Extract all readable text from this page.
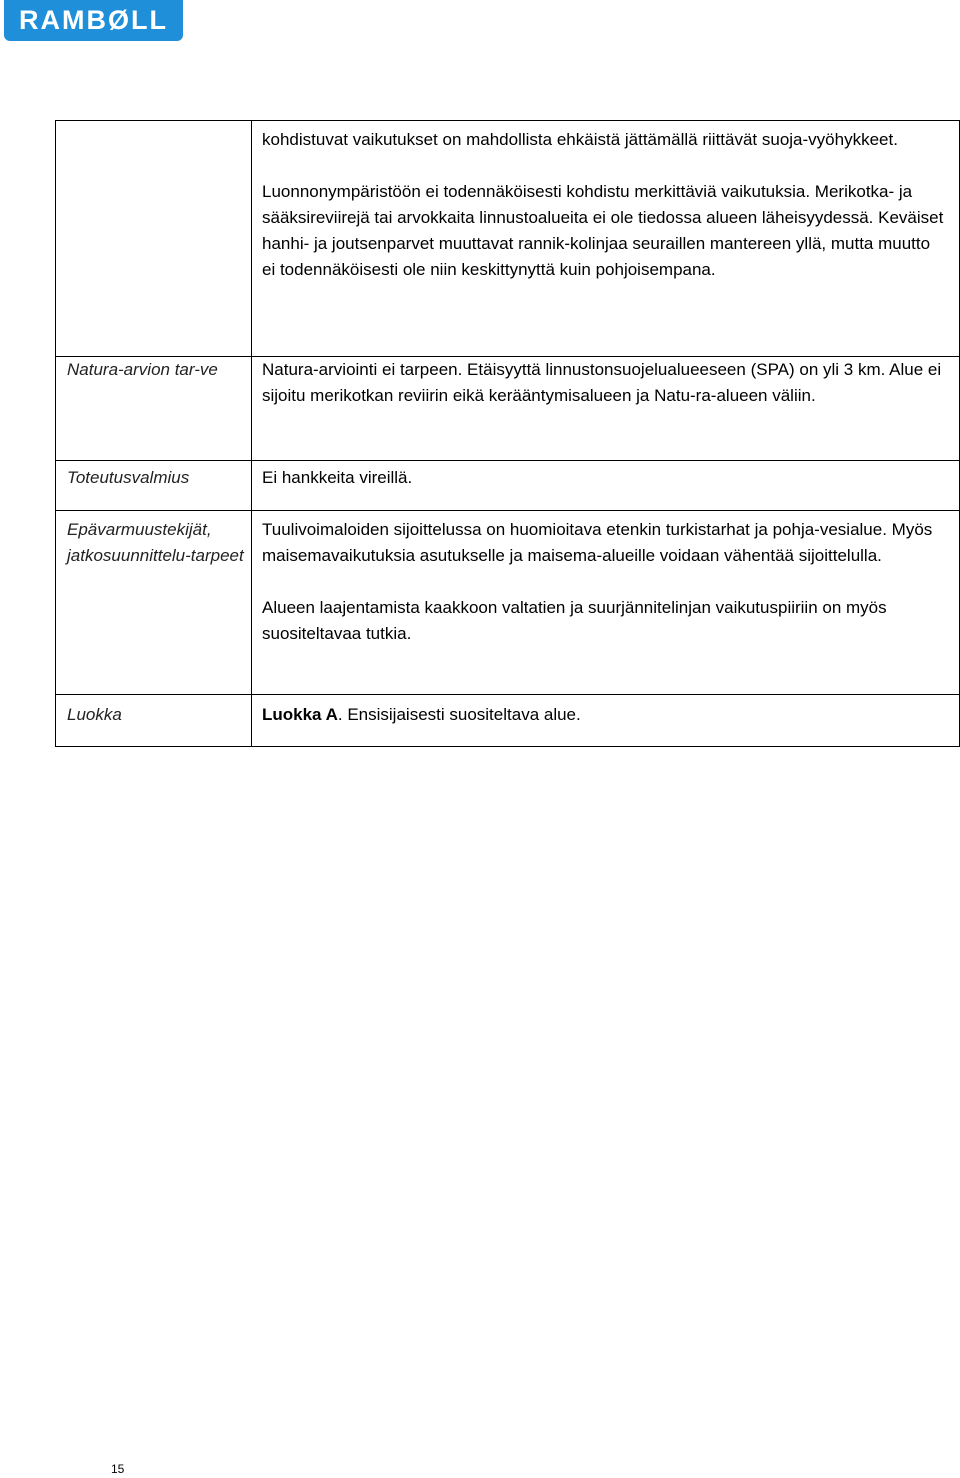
RAMBØLL

	kohdistuvat vaikutukset on mahdollista ehkäistä jättämällä riittävät suoja-vyöhykkeet.

Luonnonympäristöön ei todennäköisesti kohdistu merkittäviä vaikutuksia. Merikotka- ja sääksireviirejä tai arvokkaita linnustoalueita ei ole tiedossa alueen läheisyydessä. Keväiset hanhi- ja joutsenparvet muuttavat rannik-kolinjaa seuraillen mantereen yllä, mutta muutto ei todennäköisesti ole niin keskittynyttä kuin pohjoisempana.

Natura-arvion tar-ve	Natura-arviointi ei tarpeen. Etäisyyttä linnustonsuojelualueeseen (SPA) on yli 3 km. Alue ei sijoitu merikotkan reviirin eikä kerääntymisalueen ja Natu-ra-alueen väliin.

Toteutusvalmius	Ei hankkeita vireillä.

Epävarmuustekijät, jatkosuunnittelu-tarpeet	Tuulivoimaloiden sijoittelussa on huomioitava etenkin turkistarhat ja pohja-vesialue. Myös maisemavaikutuksia asutukselle ja maisema-alueille voidaan vähentää sijoittelulla.

Alueen laajentamista kaakkoon valtatien ja suurjännitelinjan vaikutuspiiriin on myös suositeltavaa tutkia.

Luokka	Luokka A. Ensisijaisesti suositeltava alue.

15
